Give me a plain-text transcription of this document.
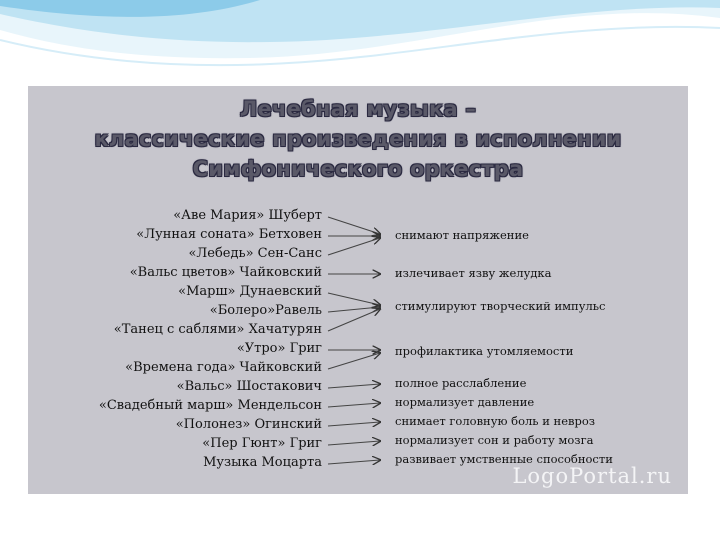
Лечебная музыка –
классические произведения в исполнении
Симфонического оркестра
«Аве Мария» Шуберт
«Лунная соната» Бетховен
«Лебедь» Сен-Санс
«Вальс цветов» Чайковский
«Марш» Дунаевский
«Болеро»Равель
«Танец с саблями» Хачатурян
«Утро» Григ
«Времена года» Чайковский
«Вальс» Шостакович
«Свадебный марш» Мендельсон
«Полонез» Огинский
«Пер Гюнт» Григ
Музыка Моцарта
снимают напряжение
излечивает язву желудка
стимулируют творческий импульс
профилактика утомляемости
полное расслабление
нормализует давление
снимает головную боль и невроз
нормализует сон и работу мозга
развивает умственные способности
LogoPortal.ru
